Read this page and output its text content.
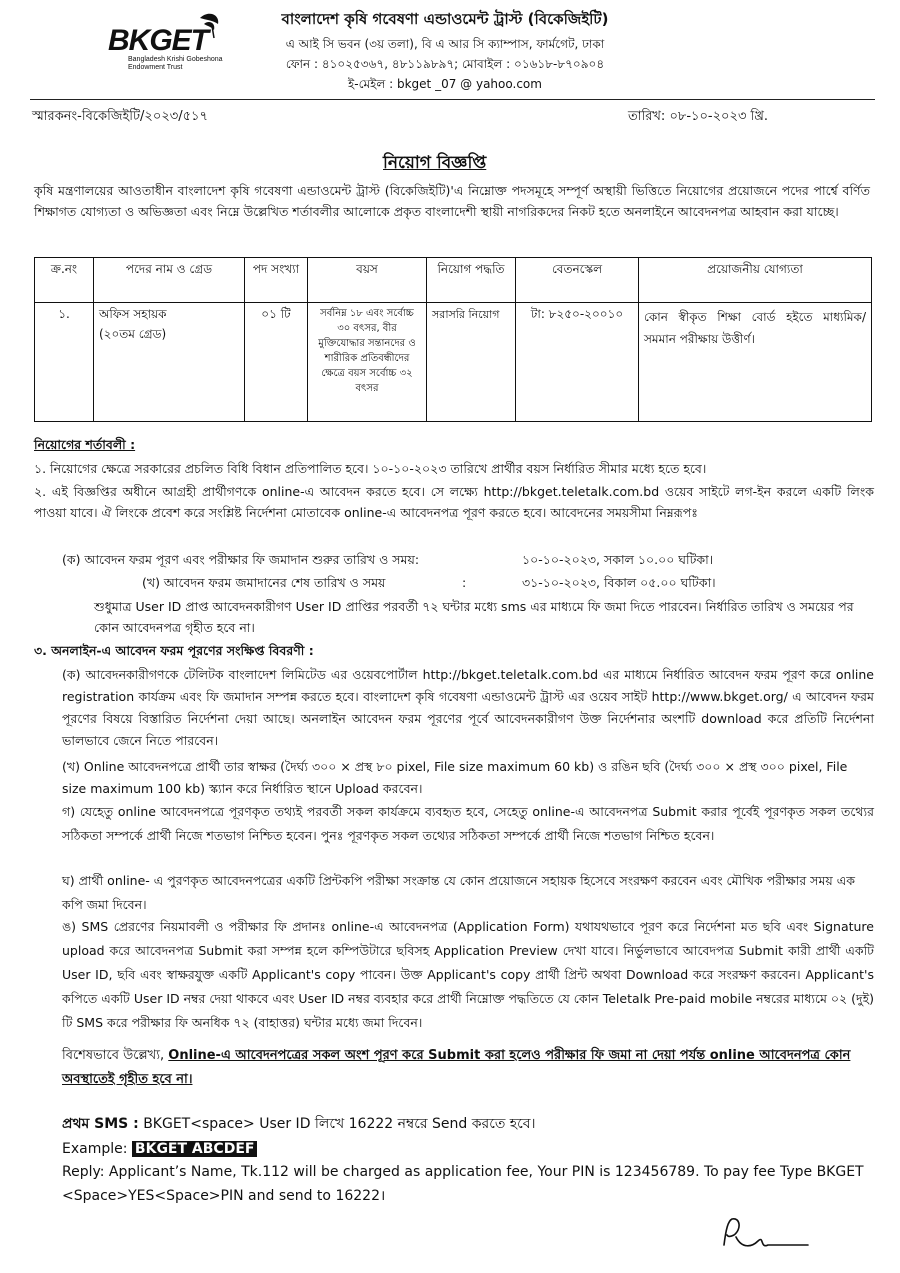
BKGET
Bangladesh Krishi Gobeshona Endowment Trust
বাংলাদেশ কৃষি গবেষণা এন্ডাওমেন্ট ট্রাস্ট (বিকেজিইটি)
এ আই সি ভবন (৩য় তলা), বি এ আর সি ক্যাম্পাস, ফার্মগেট, ঢাকা
ফোন : ৪১০২৫৩৬৭, ৪৮১১৯৮৯৭; মোবাইল : ০১৬১৮-৮৭০৯০৪
ই-মেইল : bkget _07 @ yahoo.com
স্মারকনং-বিকেজিইটি/২০২৩/৫১৭	তারিখ: ০৮-১০-২০২৩ খ্রি.
নিয়োগ বিজ্ঞপ্তি
কৃষি মন্ত্রণালয়ের আওতাধীন বাংলাদেশ কৃষি গবেষণা এন্ডাওমেন্ট ট্রাস্ট (বিকেজিইটি)'এ নিম্নোক্ত পদসমূহে সম্পূর্ণ অস্থায়ী ভিত্তিতে নিয়োগের প্রয়োজনে পদের পার্শ্বে বর্ণিত শিক্ষাগত যোগ্যতা ও অভিজ্ঞতা এবং নিম্নে উল্লেখিত শর্তাবলীর আলোকে প্রকৃত বাংলাদেশী স্থায়ী নাগরিকদের নিকট হতে অনলাইনে আবেদনপত্র আহবান করা যাচ্ছে।
ক্র.নং	পদের নাম ও গ্রেড	পদ সংখ্যা	বয়স	নিয়োগ পদ্ধতি	বেতনস্কেল	প্রয়োজনীয় যোগ্যতা
১.	অফিস সহায়ক
(২০তম গ্রেড)	০১ টি	সর্বনিম্ন ১৮ এবং সর্বোচ্চ ৩০ বৎসর, বীর মুক্তিযোদ্ধার সন্তানদের ও শারীরিক প্রতিবন্ধীদের ক্ষেত্রে বয়স সর্বোচ্চ ৩২ বৎসর	সরাসরি নিয়োগ	টা: ৮২৫০-২০০১০	কোন স্বীকৃত শিক্ষা বোর্ড হইতে মাধ্যমিক/ সমমান পরীক্ষায় উত্তীর্ণ।
নিয়োগের শর্তাবলী :
১. নিয়োগের ক্ষেত্রে সরকারের প্রচলিত বিধি বিধান প্রতিপালিত হবে। ১০-১০-২০২৩ তারিখে প্রার্থীর বয়স নির্ধারিত সীমার মধ্যে হতে হবে।
২. এই বিজ্ঞপ্তির অধীনে আগ্রহী প্রার্থীগণকে online-এ আবেদন করতে হবে। সে লক্ষ্যে http://bkget.teletalk.com.bd ওয়েব সাইটে লগ-ইন করলে একটি লিংক পাওয়া যাবে। ঐ লিংকে প্রবেশ করে সংশ্লিষ্ট নির্দেশনা মোতাবেক online-এ আবেদনপত্র পূরণ করতে হবে। আবেদনের সময়সীমা নিম্নরূপঃ
(ক) আবেদন ফরম পূরণ এবং পরীক্ষার ফি জমাদান শুরুর তারিখ ও সময়:	১০-১০-২০২৩, সকাল ১০.০০ ঘটিকা।
(খ) আবেদন ফরম জমাদানের শেষ তারিখ ও সময়	:	৩১-১০-২০২৩, বিকাল ০৫.০০ ঘটিকা।
শুধুমাত্র User ID প্রাপ্ত আবেদনকারীগণ User ID প্রাপ্তির পরবর্তী ৭২ ঘন্টার মধ্যে sms এর মাধ্যমে ফি জমা দিতে পারবেন। নির্ধারিত তারিখ ও সময়ের পর কোন আবেদনপত্র গৃহীত হবে না।
৩. অনলাইন-এ আবেদন ফরম পূরণের সংক্ষিপ্ত বিবরণী :
(ক) আবেদনকারীগণকে টেলিটক বাংলাদেশ লিমিটেড এর ওয়েবপোর্টাল http://bkget.teletalk.com.bd এর মাধ্যমে নির্ধারিত আবেদন ফরম পূরণ করে online registration কার্যক্রম এবং ফি জমাদান সম্পন্ন করতে হবে। বাংলাদেশ কৃষি গবেষণা এন্ডাওমেন্ট ট্রাস্ট এর ওয়েব সাইট http://www.bkget.org/ এ আবেদন ফরম পূরণের বিষয়ে বিস্তারিত নির্দেশনা দেয়া আছে। অনলাইন আবেদন ফরম পূরণের পূর্বে আবেদনকারীগণ উক্ত নির্দেশনার অংশটি download করে প্রতিটি নির্দেশনা ভালভাবে জেনে নিতে পারবেন।
(খ) Online আবেদনপত্রে প্রার্থী তার স্বাক্ষর (দৈর্ঘ্য ৩০০ × প্রস্থ ৮০ pixel, File size maximum 60 kb) ও রঙিন ছবি (দৈর্ঘ্য ৩০০ × প্রস্থ ৩০০ pixel, File size maximum 100 kb) স্ক্যান করে নির্ধারিত স্থানে Upload করবেন।
গ) যেহেতু online আবেদনপত্রে পূরণকৃত তথ্যই পরবর্তী সকল কার্যক্রমে ব্যবহৃত হবে, সেহেতু online-এ আবেদনপত্র Submit করার পূর্বেই পূরণকৃত সকল তথ্যের সঠিকতা সম্পর্কে প্রার্থী নিজে শতভাগ নিশ্চিত হবেন। পুনঃ পূরণকৃত সকল তথ্যের সঠিকতা সম্পর্কে প্রার্থী নিজে শতভাগ নিশ্চিত হবেন।
ঘ) প্রার্থী online- এ পুরণকৃত আবেদনপত্রের একটি প্রিন্টকপি পরীক্ষা সংক্রান্ত যে কোন প্রয়োজনে সহায়ক হিসেবে সংরক্ষণ করবেন এবং মৌখিক পরীক্ষার সময় এক কপি জমা দিবেন।
ঙ) SMS প্রেরণের নিয়মাবলী ও পরীক্ষার ফি প্রদানঃ online-এ আবেদনপত্র (Application Form) যথাযথভাবে পূরণ করে নির্দেশনা মত ছবি এবং Signature upload করে আবেদনপত্র Submit করা সম্পন্ন হলে কম্পিউটারে ছবিসহ Application Preview দেখা যাবে। নির্ভুলভাবে আবেদপত্র Submit কারী প্রার্থী একটি User ID, ছবি এবং স্বাক্ষরযুক্ত একটি Applicant's copy পাবেন। উক্ত Applicant's copy প্রার্থী প্রিন্ট অথবা Download করে সংরক্ষণ করবেন। Applicant's কপিতে একটি User ID নম্বর দেয়া থাকবে এবং User ID নম্বর ব্যবহার করে প্রার্থী নিম্নোক্ত পদ্ধতিতে যে কোন Teletalk Pre-paid mobile নম্বরের মাধ্যমে ০২ (দুই) টি SMS করে পরীক্ষার ফি অনধিক ৭২ (বাহাত্তর) ঘন্টার মধ্যে জমা দিবেন।
বিশেষভাবে উল্লেখ্য, Online-এ আবেদনপত্রের সকল অংশ পূরণ করে Submit করা হলেও পরীক্ষার ফি জমা না দেয়া পর্যন্ত online আবেদনপত্র কোন অবস্থাতেই গৃহীত হবে না।
প্রথম SMS : BKGET<space> User ID লিখে 16222 নম্বরে Send করতে হবে।
Example: BKGET ABCDEF
Reply: Applicant’s Name, Tk.112 will be charged as application fee, Your PIN is 123456789. To pay fee Type BKGET <Space>YES<Space>PIN and send to 16222।
